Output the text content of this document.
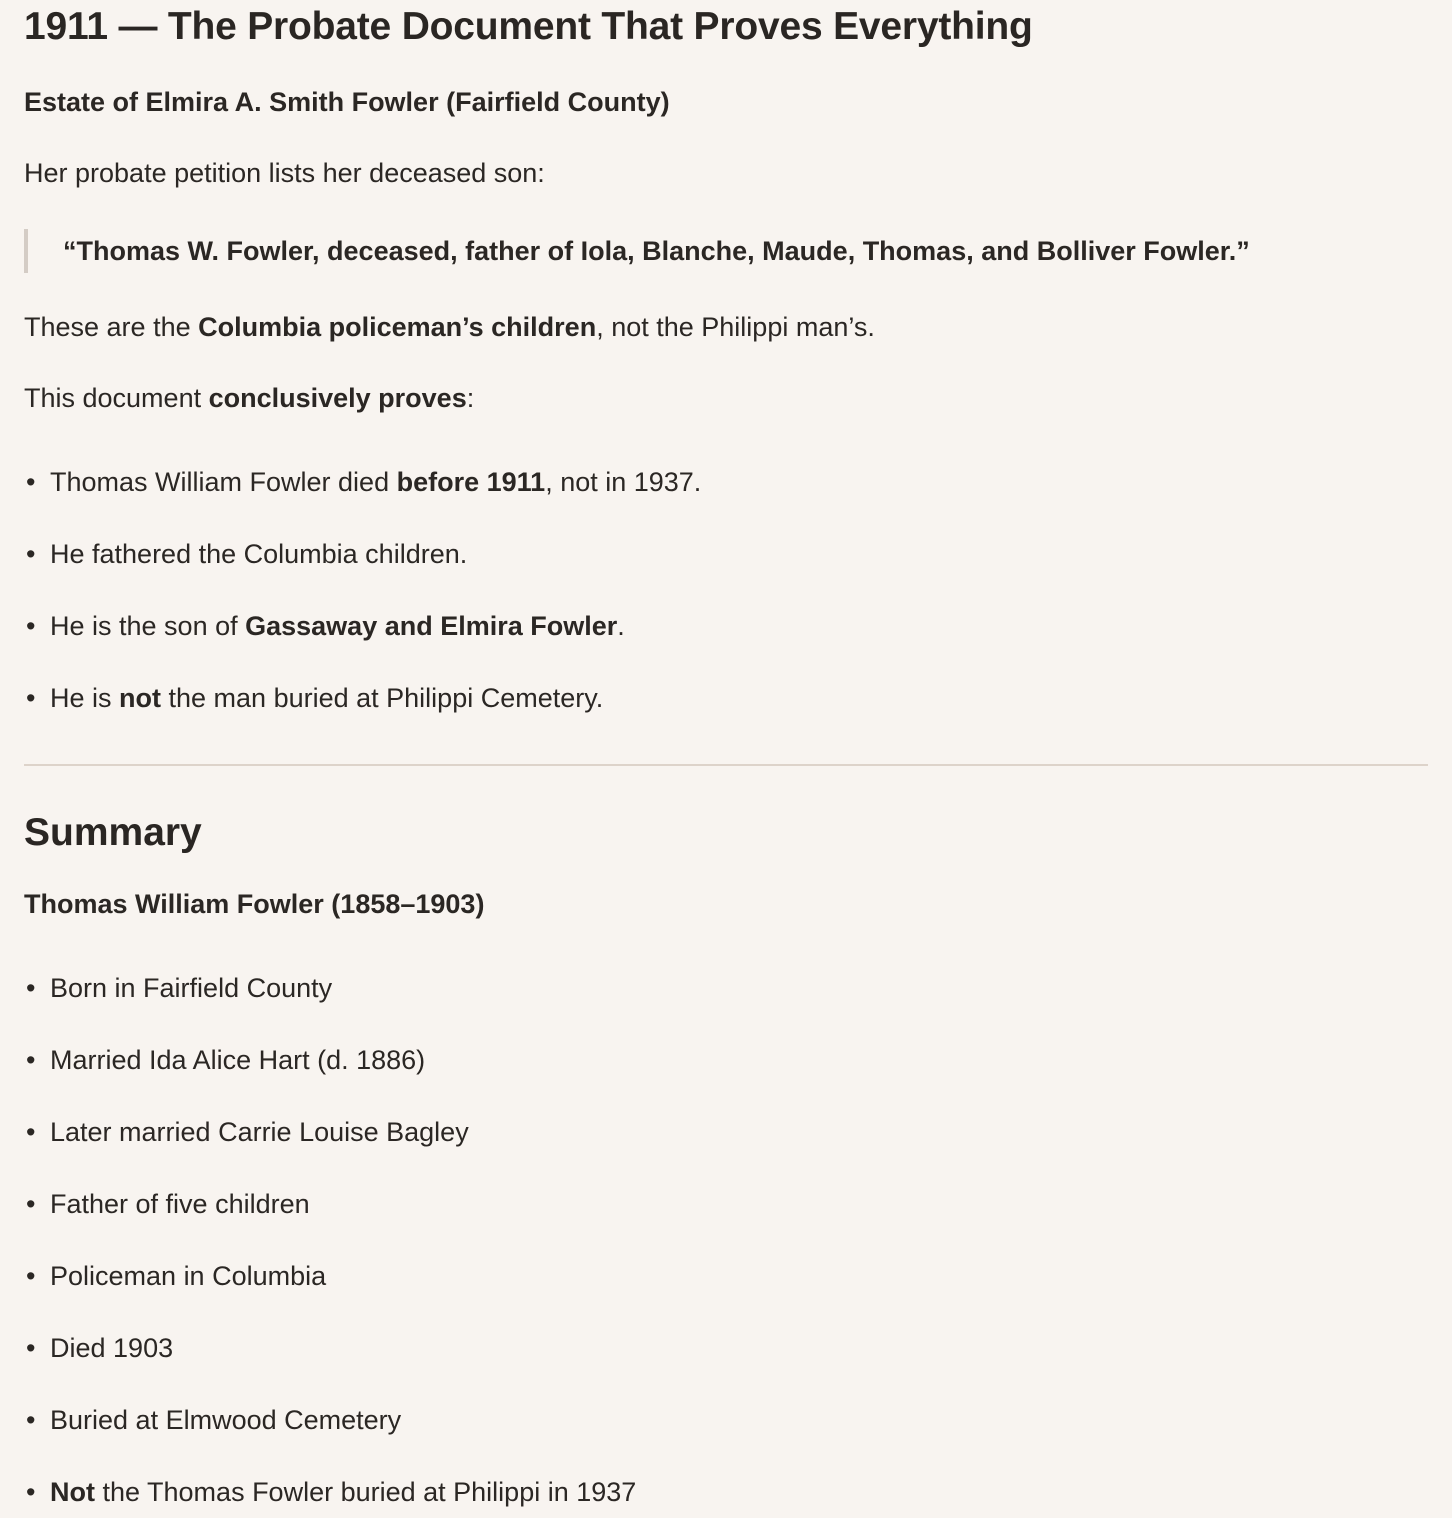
1911 — The Probate Document That Proves Everything
Estate of Elmira A. Smith Fowler (Fairfield County)

Her probate petition lists her deceased son:

“Thomas W. Fowler, deceased, father of Iola, Blanche, Maude, Thomas, and Bolliver Fowler.”

These are the Columbia policeman’s children, not the Philippi man’s.

This document conclusively proves:

• Thomas William Fowler died before 1911, not in 1937.
• He fathered the Columbia children.
• He is the son of Gassaway and Elmira Fowler.
• He is not the man buried at Philippi Cemetery.
Summary
Thomas William Fowler (1858–1903)
• Born in Fairfield County
• Married Ida Alice Hart (d. 1886)
• Later married Carrie Louise Bagley
• Father of five children
• Policeman in Columbia
• Died 1903
• Buried at Elmwood Cemetery
• Not the Thomas Fowler buried at Philippi in 1937
